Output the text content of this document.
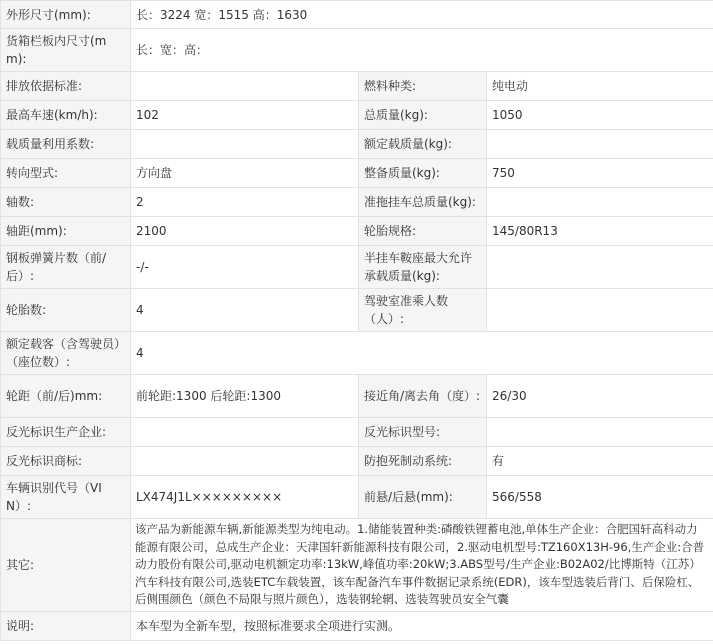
外形尺寸(mm):	长：3224 宽：1515 高：1630		
货箱栏板内尺寸(mm):	长：宽：高：		
排放依据标准:		燃料种类:	纯电动
最高车速(km/h):	102	总质量(kg):	1050
载质量利用系数:		额定载质量(kg):	
转向型式:	方向盘	整备质量(kg):	750
轴数:	2	准拖挂车总质量(kg):	
轴距(mm):	2100	轮胎规格:	145/80R13
钢板弹簧片数（前/后）:	-/-	半挂车鞍座最大允许承载质量(kg):	
轮胎数:	4	驾驶室准乘人数（人）:	
额定载客（含驾驶员）（座位数）:	4		
轮距（前/后)mm:	前轮距:1300 后轮距:1300	接近角/离去角（度）:	26/30
反光标识生产企业:		反光标识型号:	
反光标识商标:		防抱死制动系统:	有
车辆识别代号（VIN）:	LX474J1L×××××××××	前悬/后悬(mm):	566/558
其它:	该产品为新能源车辆,新能源类型为纯电动。1.储能装置种类:磷酸铁锂蓄电池,单体生产企业：合肥国轩高科动力能源有限公司，总成生产企业：天津国轩新能源科技有限公司，2.驱动电机型号:TZ160X13H-96,生产企业:合普动力股份有限公司,驱动电机额定功率:13kW,峰值功率:20kW;3.ABS型号/生产企业:B02A02/比博斯特（江苏）汽车科技有限公司,选装ETC车载装置，该车配备汽车事件数据记录系统(EDR)，该车型选装后背门、后保险杠、后侧围颜色（颜色不局限与照片颜色），选装钢轮辋、选装驾驶员安全气囊		
说明:	本车型为全新车型，按照标准要求全项进行实测。		
